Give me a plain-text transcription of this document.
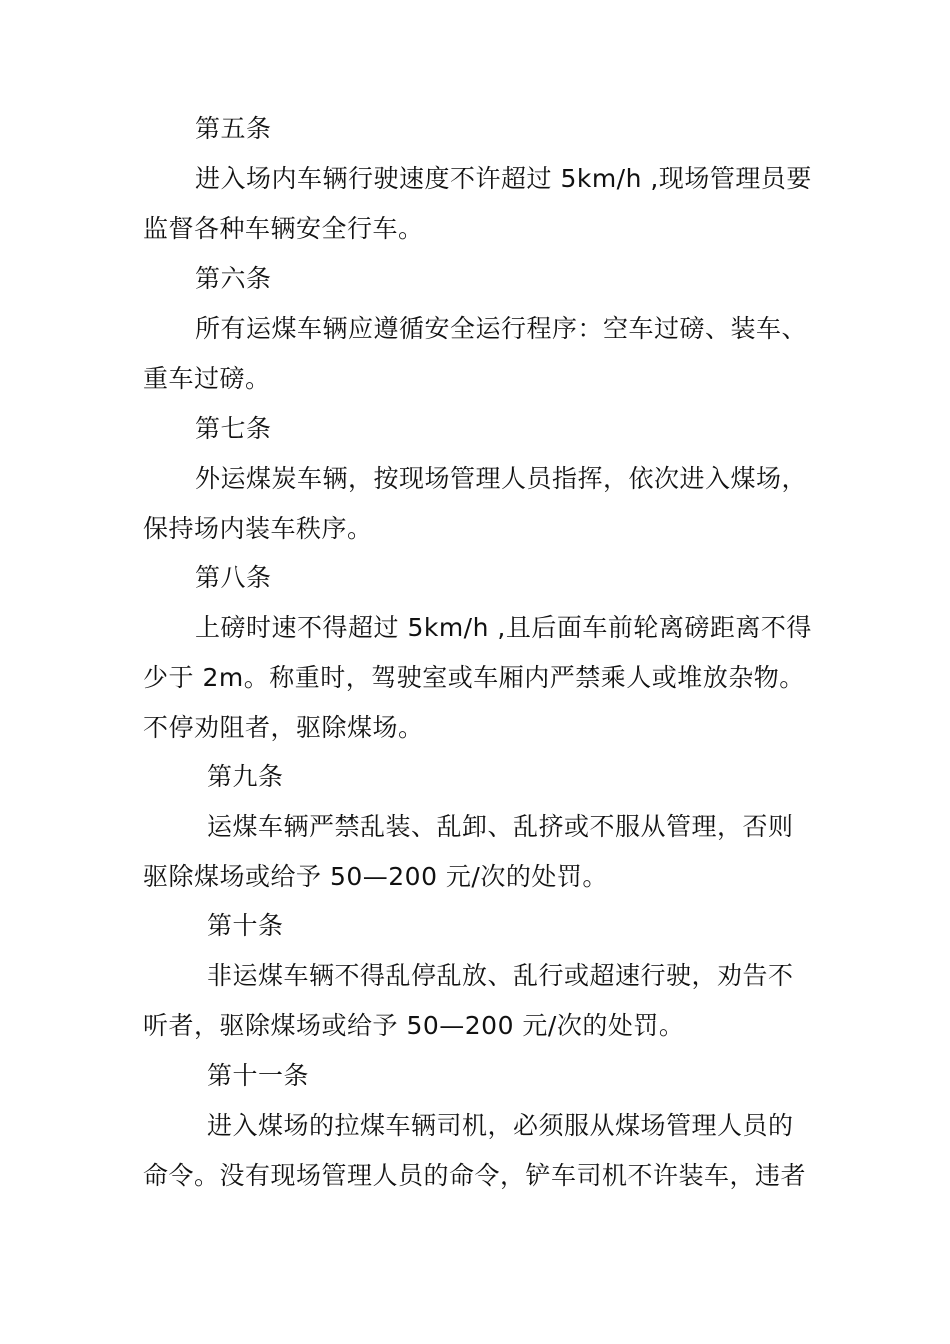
第五条
进入场内车辆行驶速度不许超过 5km/h ,现场管理员要
监督各种车辆安全行车。
第六条
所有运煤车辆应遵循安全运行程序：空车过磅、装车、
重车过磅。
第七条
外运煤炭车辆，按现场管理人员指挥，依次进入煤场，
保持场内装车秩序。
第八条
上磅时速不得超过 5km/h ,且后面车前轮离磅距离不得
少于 2m。称重时，驾驶室或车厢内严禁乘人或堆放杂物。
不停劝阻者，驱除煤场。
第九条
运煤车辆严禁乱装、乱卸、乱挤或不服从管理，否则
驱除煤场或给予 50—200 元/次的处罚。
第十条
非运煤车辆不得乱停乱放、乱行或超速行驶，劝告不
听者，驱除煤场或给予 50—200 元/次的处罚。
第十一条
进入煤场的拉煤车辆司机，必须服从煤场管理人员的
命令。没有现场管理人员的命令，铲车司机不许装车，违者
